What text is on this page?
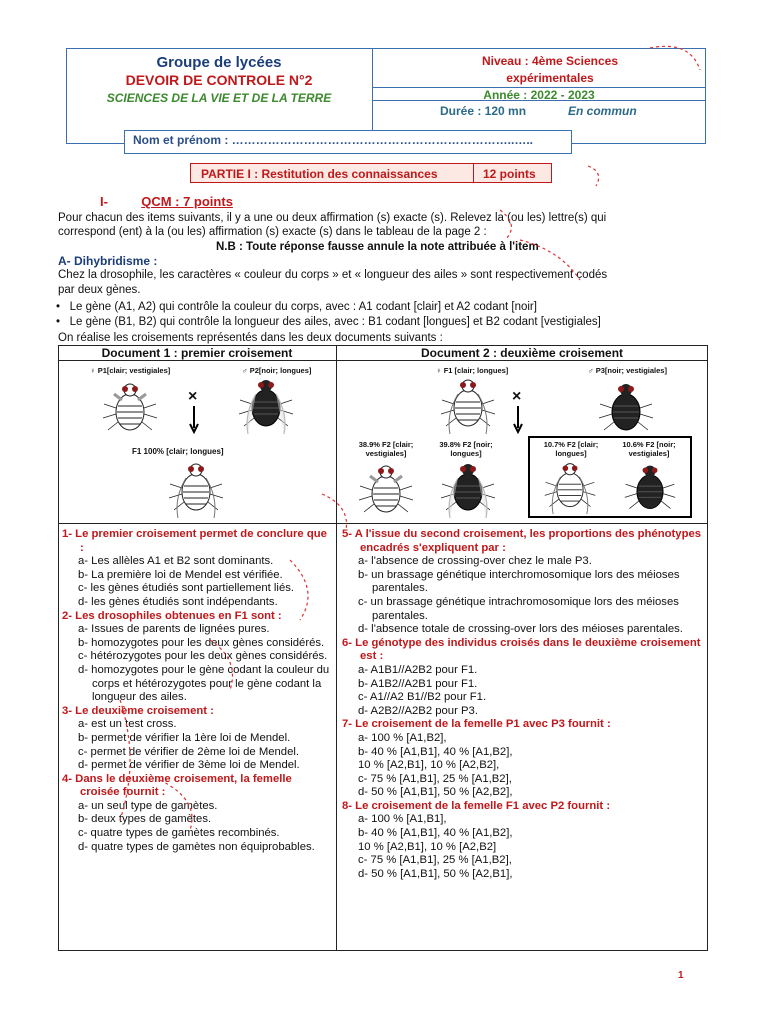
Groupe de lycées
DEVOIR DE CONTROLE N°2
SCIENCES DE LA VIE ET DE LA TERRE
Niveau : 4ème Sciences expérimentales
Année : 2022 - 2023
Durée : 120 mn	En commun
Nom et prénom : ……………………………………………………………..…..
PARTIE I : Restitution des connaissances	12 points
I-	QCM : 7 points
Pour chacun des items suivants, il y a une ou deux affirmation (s) exacte (s). Relevez la (ou les) lettre(s) qui
correspond (ent) à la (ou les) affirmation (s) exacte (s) dans le tableau de la page 2 :
N.B : Toute réponse fausse annule la note attribuée à l'item
A- Dihybridisme :
Chez la drosophile, les caractères « couleur du corps » et « longueur des ailes » sont respectivement codés
par deux gènes.
•   Le gène (A1, A2) qui contrôle la couleur du corps, avec : A1 codant [clair] et A2 codant [noir]
•   Le gène (B1, B2) qui contrôle la longueur des ailes, avec : B1 codant [longues] et B2 codant [vestigiales]
On réalise les croisements représentés dans les deux documents suivants :
Document 1 : premier croisement	Document 2 : deuxième croisement
♀ P1[clair; vestigiales]	♂ P2[noir; longues]
×
F1 100% [clair; longues]
♀ F1 [clair; longues]	♂ P3[noir; vestigiales]
×
38.9% F2 [clair; vestigiales]
39.8% F2 [noir; longues]
10.7% F2 [clair; longues]
10.6% F2 [noir; vestigiales]
1- Le premier croisement permet de conclure que :
a- Les allèles A1 et B2 sont dominants.
b- La première loi de Mendel est vérifiée.
c- les gènes étudiés sont partiellement liés.
d- les gènes étudiés sont indépendants.
2- Les drosophiles obtenues en F1 sont :
a- Issues de parents de lignées pures.
b- homozygotes pour les deux gènes considérés.
c- hétérozygotes pour les deux gènes considérés.
d- homozygotes pour le gène codant la couleur du corps et hétérozygotes pour le gène codant la longueur des ailes.
3- Le deuxième croisement :
a- est un test cross.
b- permet de vérifier la 1ère loi de Mendel.
c- permet de vérifier de 2ème loi de Mendel.
d- permet de vérifier de 3ème loi de Mendel.
4- Dans le deuxième croisement, la femelle croisée fournit :
a- un seul type de gamètes.
b- deux types de gamètes.
c- quatre types de gamètes recombinés.
d- quatre types de gamètes non équiprobables.
5- A l'issue du second croisement, les proportions des phénotypes encadrés s'expliquent par :
a- l'absence de crossing-over chez le male P3.
b- un brassage génétique interchromosomique lors des méioses parentales.
c- un brassage génétique intrachromosomique lors des méioses parentales.
d- l'absence totale de crossing-over lors des méioses parentales.
6- Le génotype des individus croisés dans le deuxième croisement est :
a- A1B1//A2B2 pour F1.
b- A1B2//A2B1 pour F1.
c- A1//A2 B1//B2 pour F1.
d- A2B2//A2B2 pour P3.
7- Le croisement de la femelle P1 avec P3 fournit :
a- 100 % [A1,B2],
b- 40 % [A1,B1], 40 % [A1,B2],
10 % [A2,B1], 10 % [A2,B2],
c- 75 % [A1,B1], 25 % [A1,B2],
d- 50 % [A1,B1], 50 % [A2,B2],
8- Le croisement de la femelle F1 avec P2 fournit :
a- 100 % [A1,B1],
b- 40 % [A1,B1], 40 % [A1,B2],
10 % [A2,B1], 10 % [A2,B2]
c- 75 % [A1,B1], 25 % [A1,B2],
d- 50 % [A1,B1], 50 % [A2,B1],
1
